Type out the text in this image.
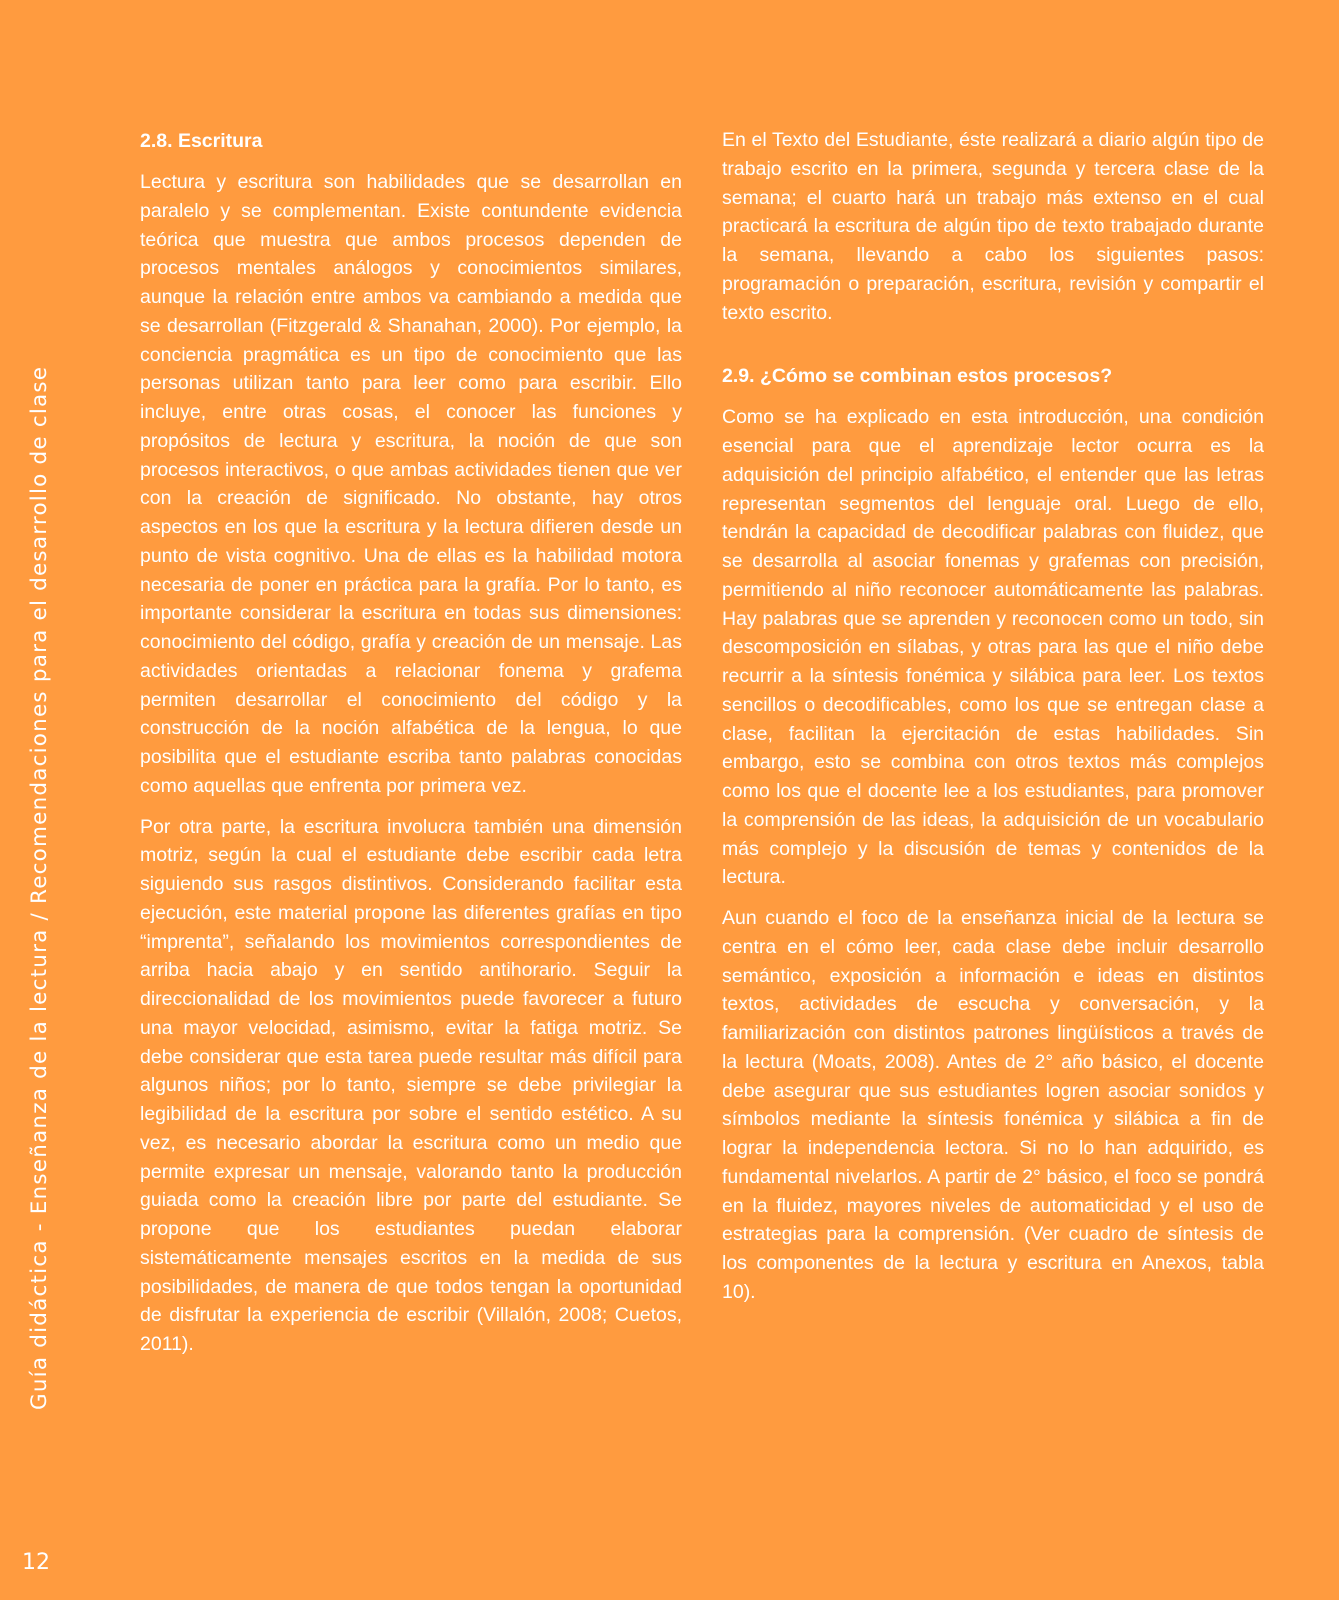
Guía didáctica - Enseñanza de la lectura / Recomendaciones para el desarrollo de clase
12
2.8. Escritura

Lectura y escritura son habilidades que se desarrollan en paralelo y se complementan. Existe contundente evidencia teórica que muestra que ambos procesos dependen de procesos mentales análogos y conocimientos similares, aunque la relación entre ambos va cambiando a medida que se desarrollan (Fitzgerald & Shanahan, 2000). Por ejemplo, la conciencia pragmática es un tipo de conocimiento que las personas utilizan tanto para leer como para escribir. Ello incluye, entre otras cosas, el conocer las funciones y propósitos de lectura y escritura, la noción de que son procesos interactivos, o que ambas actividades tienen que ver con la creación de significado. No obstante, hay otros aspectos en los que la escritura y la lectura difieren desde un punto de vista cognitivo. Una de ellas es la habilidad motora necesaria de poner en práctica para la grafía. Por lo tanto, es importante considerar la escritura en todas sus dimensiones: conocimiento del código, grafía y creación de un mensaje. Las actividades orientadas a relacionar fonema y grafema permiten desarrollar el conocimiento del código y la construcción de la noción alfabética de la lengua, lo que posibilita que el estudiante escriba tanto palabras conocidas como aquellas que enfrenta por primera vez.

Por otra parte, la escritura involucra también una dimensión motriz, según la cual el estudiante debe escribir cada letra siguiendo sus rasgos distintivos. Considerando facilitar esta ejecución, este material propone las diferentes grafías en tipo “imprenta”, señalando los movimientos correspondientes de arriba hacia abajo y en sentido antihorario. Seguir la direccionalidad de los movimientos puede favorecer a futuro una mayor velocidad, asimismo, evitar la fatiga motriz. Se debe considerar que esta tarea puede resultar más difícil para algunos niños; por lo tanto, siempre se debe privilegiar la legibilidad de la escritura por sobre el sentido estético. A su vez, es necesario abordar la escritura como un medio que permite expresar un mensaje, valorando tanto la producción guiada como la creación libre por parte del estudiante. Se propone que los estudiantes puedan elaborar sistemáticamente mensajes escritos en la medida de sus posibilidades, de manera de que todos tengan la oportunidad de disfrutar la experiencia de escribir (Villalón, 2008; Cuetos, 2011).

En el Texto del Estudiante, éste realizará a diario algún tipo de trabajo escrito en la primera, segunda y tercera clase de la semana; el cuarto hará un trabajo más extenso en el cual practicará la escritura de algún tipo de texto trabajado durante la semana, llevando a cabo los siguientes pasos: programación o preparación, escritura, revisión y compartir el texto escrito.

2.9. ¿Cómo se combinan estos procesos?

Como se ha explicado en esta introducción, una condición esencial para que el aprendizaje lector ocurra es la adquisición del principio alfabético, el entender que las letras representan segmentos del lenguaje oral. Luego de ello, tendrán la capacidad de decodificar palabras con fluidez, que se desarrolla al asociar fonemas y grafemas con precisión, permitiendo al niño reconocer automáticamente las palabras. Hay palabras que se aprenden y reconocen como un todo, sin descomposición en sílabas, y otras para las que el niño debe recurrir a la síntesis fonémica y silábica para leer. Los textos sencillos o decodificables, como los que se entregan clase a clase, facilitan la ejercitación de estas habilidades. Sin embargo, esto se combina con otros textos más complejos como los que el docente lee a los estudiantes, para promover la comprensión de las ideas, la adquisición de un vocabulario más complejo y la discusión de temas y contenidos de la lectura.

Aun cuando el foco de la enseñanza inicial de la lectura se centra en el cómo leer, cada clase debe incluir desarrollo semántico, exposición a información e ideas en distintos textos, actividades de escucha y conversación, y la familiarización con distintos patrones lingüísticos a través de la lectura (Moats, 2008). Antes de 2° año básico, el docente debe asegurar que sus estudiantes logren asociar sonidos y símbolos mediante la síntesis fonémica y silábica a fin de lograr la independencia lectora. Si no lo han adquirido, es fundamental nivelarlos. A partir de 2° básico, el foco se pondrá en la fluidez, mayores niveles de automaticidad y el uso de estrategias para la comprensión. (Ver cuadro de síntesis de los componentes de la lectura y escritura en Anexos, tabla 10).
